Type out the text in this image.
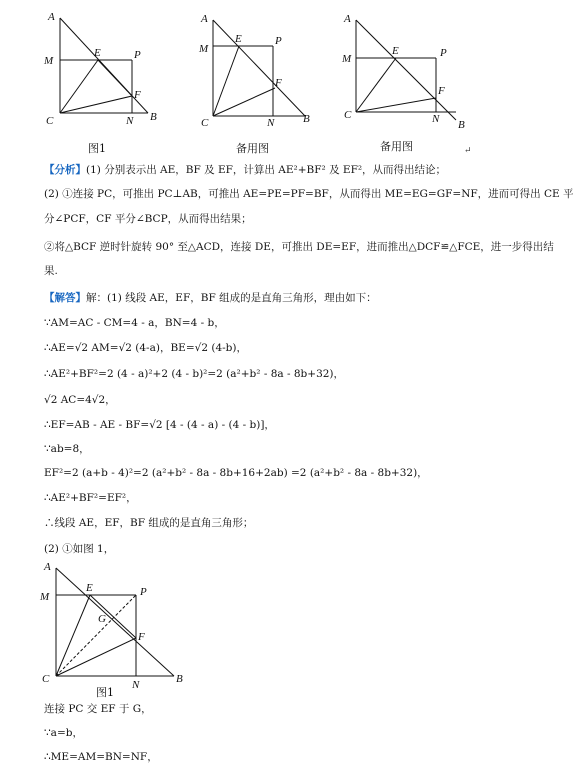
A
M
E	P
F
C	N B
图1
A
M
E	P
F
C	N	B
备用图
A
M
E	P
F
C	N B
备用图	↵
【分析】(1) 分别表示出 AE，BF 及 EF，计算出 AE²+BF² 及 EF²，从而得出结论；
(2) ①连接 PC，可推出 PC⊥AB，可推出 AE=PE=PF=BF，从而得出 ME=EG=GF=NF，进而可得出 CE 平
分∠PCF，CF 平分∠BCP，从而得出结果；
②将△BCF 逆时针旋转 90° 至△ACD，连接 DE，可推出 DE=EF，进而推出△DCF≌△FCE，进一步得出结
果.
【解答】解：(1) 线段 AE，EF，BF 组成的是直角三角形，理由如下：
∵AM=AC - CM=4 - a，BN=4 - b，
∴AE=√2 AM=√2 (4-a)，BE=√2 (4-b)，
∴AE²+BF²=2 (4 - a)²+2 (4 - b)²=2 (a²+b² - 8a - 8b+32)，
√2 AC=4√2，
∴EF=AB - AE - BF=√2 [4 - (4 - a) - (4 - b)]，
∵ab=8，
EF²=2 (a+b - 4)²=2 (a²+b² - 8a - 8b+16+2ab) =2 (a²+b² - 8a - 8b+32)，
∴AE²+BF²=EF²，
∴线段 AE，EF，BF 组成的是直角三角形；
(2) ①如图 1，
A
M
E	P
G
F
C	N	B
图1
连接 PC 交 EF 于 G，
∵a=b，
∴ME=AM=BN=NF，
